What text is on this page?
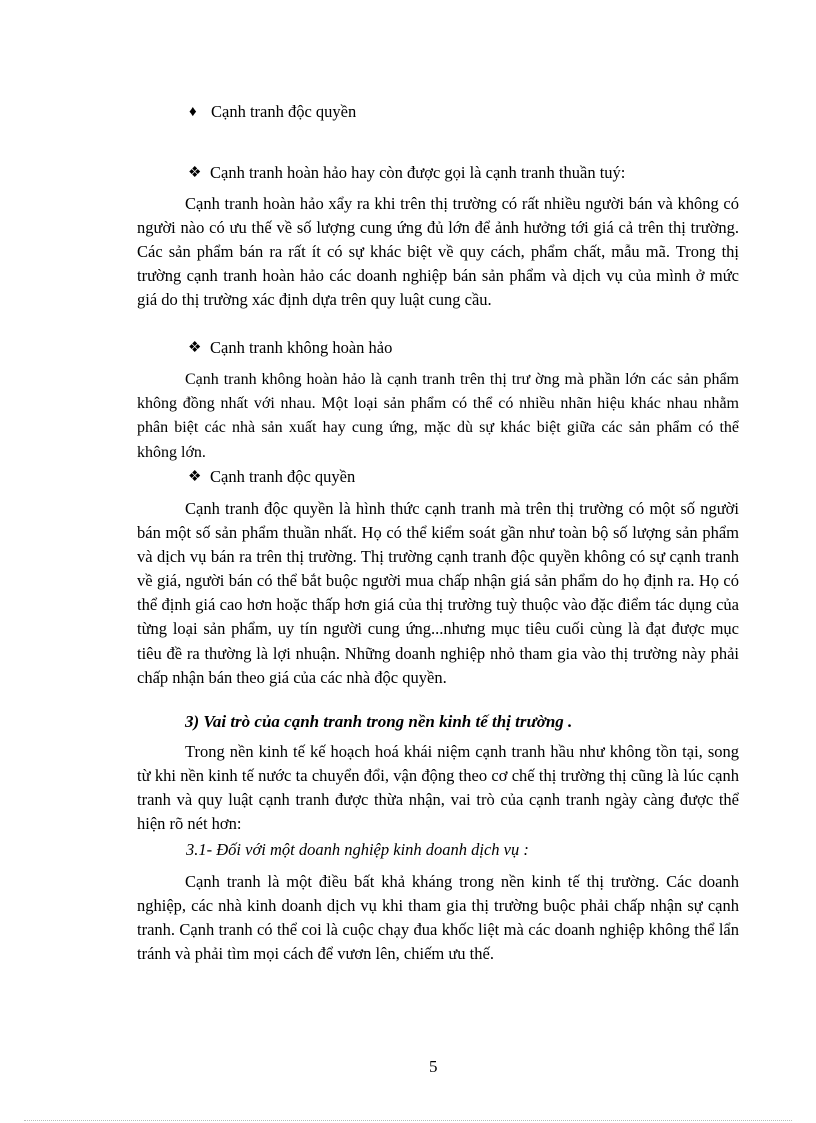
♦ Cạnh tranh độc quyền
❖ Cạnh tranh hoàn hảo hay còn được gọi là cạnh tranh thuần tuý:

Cạnh tranh hoàn hảo xẩy ra khi trên thị trường có rất nhiều người bán và không có người nào có ưu thế về số lượng cung ứng đủ lớn để ảnh hưởng tới giá cả trên thị trường. Các sản phẩm bán ra rất ít có sự khác biệt về quy cách, phẩm chất, mẫu mã. Trong thị trường cạnh tranh hoàn hảo các doanh nghiệp bán sản phẩm và dịch vụ của mình ở mức giá do thị trường xác định dựa trên quy luật cung cầu.

❖ Cạnh tranh không hoàn hảo

Cạnh tranh không hoàn hảo là cạnh tranh trên thị trư ờng mà phần lớn các sản phẩm không đồng nhất với nhau. Một loại sản phẩm có thể có nhiều nhãn hiệu khác nhau nhằm phân biệt các nhà sản xuất hay cung ứng, mặc dù sự khác biệt giữa các sản phẩm có thể không lớn.

❖ Cạnh tranh độc quyền

Cạnh tranh độc quyền là hình thức cạnh tranh mà trên thị trường có một số người bán một số sản phẩm thuần nhất. Họ có thể kiểm soát gần như toàn bộ số lượng sản phẩm và dịch vụ bán ra trên thị trường. Thị trường cạnh tranh độc quyền không có sự cạnh tranh về giá, người bán có thể bắt buộc người mua chấp nhận giá sản phẩm do họ định ra. Họ có thể định giá cao hơn hoặc thấp hơn giá của thị trường tuỳ thuộc vào đặc điểm tác dụng của từng loại sản phẩm, uy tín người cung ứng...nhưng mục tiêu cuối cùng là đạt được mục tiêu đề ra thường là lợi nhuận. Những doanh nghiệp nhỏ tham gia vào thị trường này phải chấp nhận bán theo giá của các nhà độc quyền.

3) Vai trò của cạnh tranh trong nền kinh tế thị trường .

Trong nền kinh tế kế hoạch hoá khái niệm cạnh tranh hầu như không tồn tại, song từ khi nền kinh tế nước ta chuyển đổi, vận động theo cơ chế thị trường thị cũng là lúc cạnh tranh và quy luật cạnh tranh được thừa nhận, vai trò của cạnh tranh ngày càng được thể hiện rõ nét hơn:

3.1- Đối với một doanh nghiệp kinh doanh dịch vụ :

Cạnh tranh là một điều bất khả kháng trong nền kinh tế thị trường. Các doanh nghiệp, các nhà kinh doanh dịch vụ khi tham gia thị trường buộc phải chấp nhận sự cạnh tranh. Cạnh tranh có thể coi là cuộc chạy đua khốc liệt mà các doanh nghiệp không thể lẩn tránh và phải tìm mọi cách để vươn lên, chiếm ưu thế.

5
